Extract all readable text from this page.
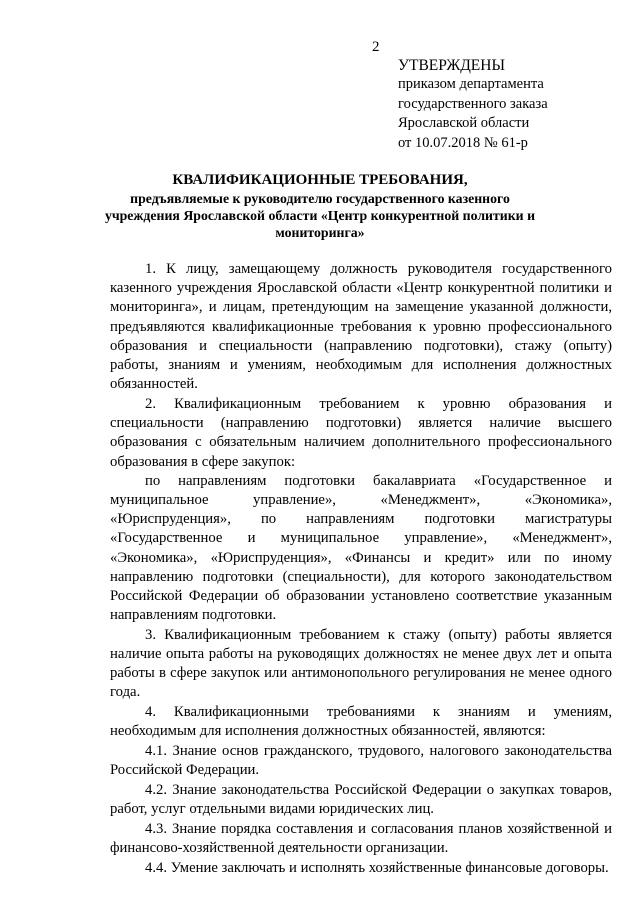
2
УТВЕРЖДЕНЫ
приказом департамента
государственного заказа
Ярославской области
от 10.07.2018 № 61-р
КВАЛИФИКАЦИОННЫЕ ТРЕБОВАНИЯ,
предъявляемые к руководителю государственного казенного учреждения Ярославской области «Центр конкурентной политики и мониторинга»

1. К лицу, замещающему должность руководителя государственного казенного учреждения Ярославской области «Центр конкурентной политики и мониторинга», и лицам, претендующим на замещение указанной должности, предъявляются квалификационные требования к уровню профессионального образования и специальности (направлению подготовки), стажу (опыту) работы, знаниям и умениям, необходимым для исполнения должностных обязанностей.

2. Квалификационным требованием к уровню образования и специальности (направлению подготовки) является наличие высшего образования с обязательным наличием дополнительного профессионального образования в сфере закупок:

по направлениям подготовки бакалавриата «Государственное и муниципальное управление», «Менеджмент», «Экономика», «Юриспруденция», по направлениям подготовки магистратуры «Государственное и муниципальное управление», «Менеджмент», «Экономика», «Юриспруденция», «Финансы и кредит» или по иному направлению подготовки (специальности), для которого законодательством Российской Федерации об образовании установлено соответствие указанным направлениям подготовки.

3. Квалификационным требованием к стажу (опыту) работы является наличие опыта работы на руководящих должностях не менее двух лет и опыта работы в сфере закупок или антимонопольного регулирования не менее одного года.

4. Квалификационными требованиями к знаниям и умениям, необходимым для исполнения должностных обязанностей, являются:

4.1. Знание основ гражданского, трудового, налогового законодательства Российской Федерации.

4.2. Знание законодательства Российской Федерации о закупках товаров, работ, услуг отдельными видами юридических лиц.

4.3. Знание порядка составления и согласования планов хозяйственной и финансово-хозяйственной деятельности организации.

4.4. Умение заключать и исполнять хозяйственные финансовые договоры.
